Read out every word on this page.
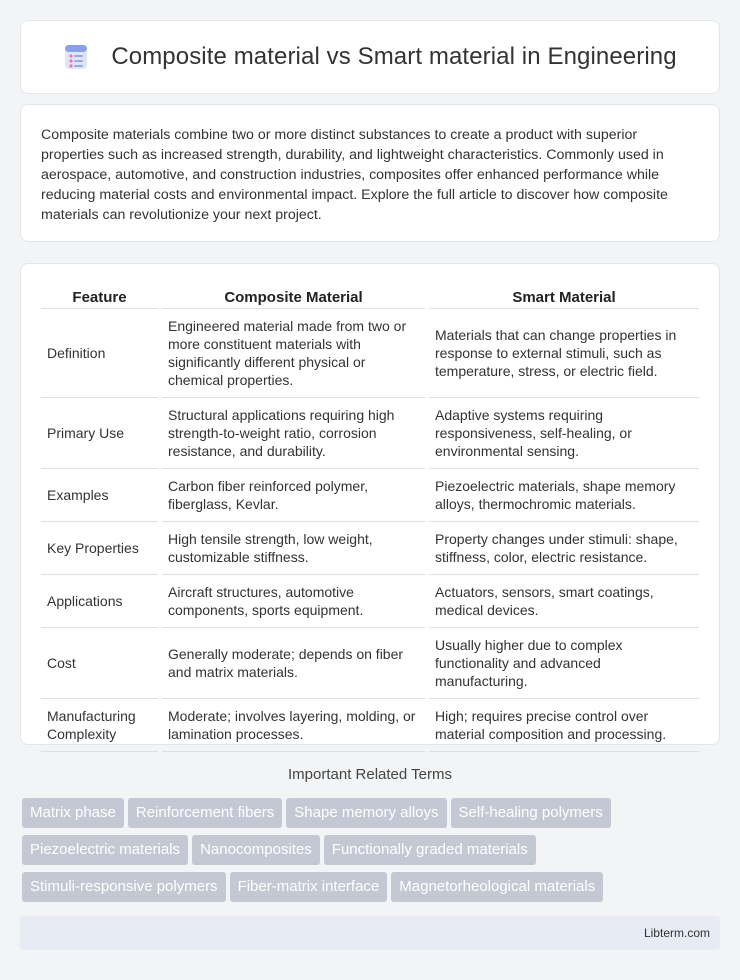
Composite material vs Smart material in Engineering

Composite materials combine two or more distinct substances to create a product with superior properties such as increased strength, durability, and lightweight characteristics. Commonly used in aerospace, automotive, and construction industries, composites offer enhanced performance while reducing material costs and environmental impact. Explore the full article to discover how composite materials can revolutionize your next project.

Feature	Composite Material	Smart Material
Definition	Engineered material made from two or more constituent materials with significantly different physical or chemical properties.	Materials that can change properties in response to external stimuli, such as temperature, stress, or electric field.
Primary Use	Structural applications requiring high strength-to-weight ratio, corrosion resistance, and durability.	Adaptive systems requiring responsiveness, self-healing, or environmental sensing.
Examples	Carbon fiber reinforced polymer, fiberglass, Kevlar.	Piezoelectric materials, shape memory alloys, thermochromic materials.
Key Properties	High tensile strength, low weight, customizable stiffness.	Property changes under stimuli: shape, stiffness, color, electric resistance.
Applications	Aircraft structures, automotive components, sports equipment.	Actuators, sensors, smart coatings, medical devices.
Cost	Generally moderate; depends on fiber and matrix materials.	Usually higher due to complex functionality and advanced manufacturing.
Manufacturing Complexity	Moderate; involves layering, molding, or lamination processes.	High; requires precise control over material composition and processing.
Important Related Terms
Matrix phase Reinforcement fibers Shape memory alloys Self-healing polymers
Piezoelectric materials Nanocomposites Functionally graded materials
Stimuli-responsive polymers Fiber-matrix interface Magnetorheological materials
Libterm.com
